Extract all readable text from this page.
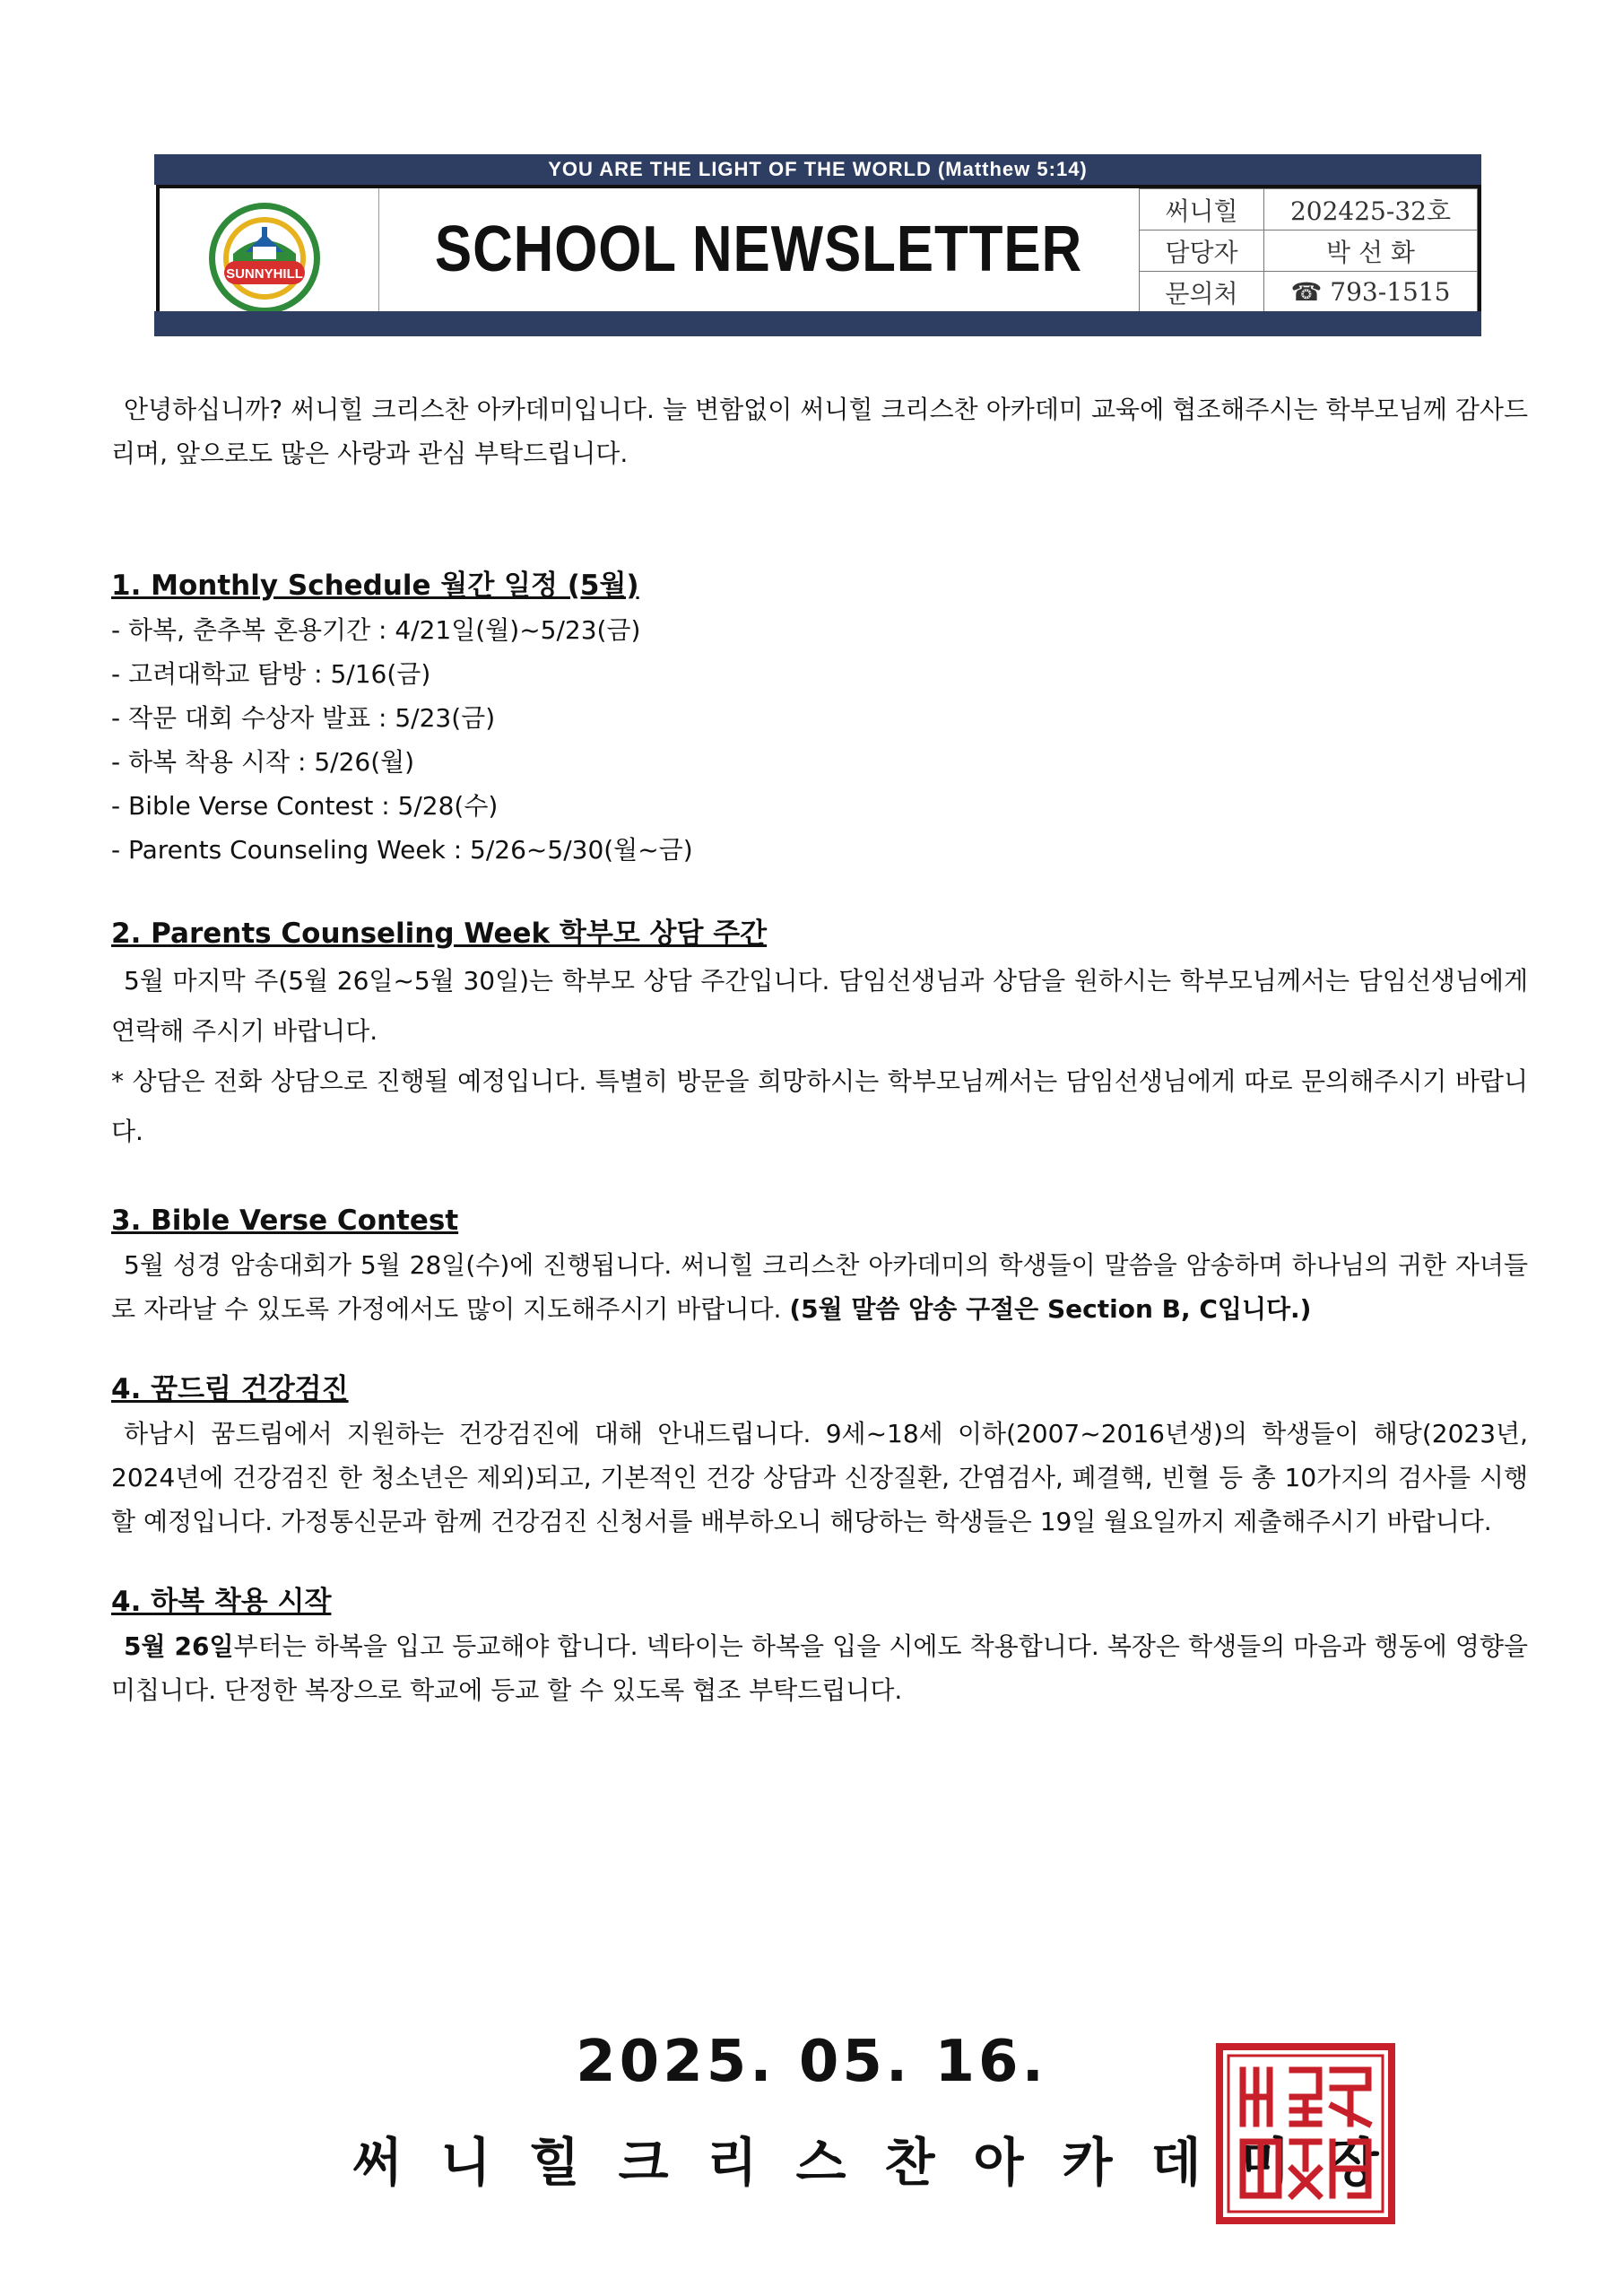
YOU ARE THE LIGHT OF THE WORLD (Matthew 5:14)
SUNNYHILL SCHOOL NEWSLETTER
써니힐	202425-32호
담당자	박 선 화
문의처	☎ 793-1515

안녕하십니까? 써니힐 크리스찬 아카데미입니다. 늘 변함없이 써니힐 크리스찬 아카데미 교육에 협조해주시는 학부모님께 감사드리며, 앞으로도 많은 사랑과 관심 부탁드립니다.

1. Monthly Schedule 월간 일정 (5월)

- 하복, 춘추복 혼용기간 : 4/21일(월)~5/23(금)

- 고려대학교 탐방 : 5/16(금)

- 작문 대회 수상자 발표 : 5/23(금)

- 하복 착용 시작 : 5/26(월)

- Bible Verse Contest : 5/28(수)

- Parents Counseling Week : 5/26~5/30(월~금)

2. Parents Counseling Week 학부모 상담 주간

5월 마지막 주(5월 26일~5월 30일)는 학부모 상담 주간입니다. 담임선생님과 상담을 원하시는 학부모님께서는 담임선생님에게 연락해 주시기 바랍니다.

* 상담은 전화 상담으로 진행될 예정입니다. 특별히 방문을 희망하시는 학부모님께서는 담임선생님에게 따로 문의해주시기 바랍니다.

3. Bible Verse Contest

5월 성경 암송대회가 5월 28일(수)에 진행됩니다. 써니힐 크리스찬 아카데미의 학생들이 말씀을 암송하며 하나님의 귀한 자녀들로 자라날 수 있도록 가정에서도 많이 지도해주시기 바랍니다. (5월 말씀 암송 구절은 Section B, C입니다.)

4. 꿈드림 건강검진

하남시 꿈드림에서 지원하는 건강검진에 대해 안내드립니다. 9세~18세 이하(2007~2016년생)의 학생들이 해당(2023년, 2024년에 건강검진 한 청소년은 제외)되고, 기본적인 건강 상담과 신장질환, 간염검사, 폐결핵, 빈혈 등 총 10가지의 검사를 시행할 예정입니다. 가정통신문과 함께 건강검진 신청서를 배부하오니 해당하는 학생들은 19일 월요일까지 제출해주시기 바랍니다.

4. 하복 착용 시작

5월 26일부터는 하복을 입고 등교해야 합니다. 넥타이는 하복을 입을 시에도 착용합니다. 복장은 학생들의 마음과 행동에 영향을 미칩니다. 단정한 복장으로 학교에 등교 할 수 있도록 협조 부탁드립니다.

2025. 05. 16.
써 니 힐 크 리 스 찬 아 카 데 미 장
